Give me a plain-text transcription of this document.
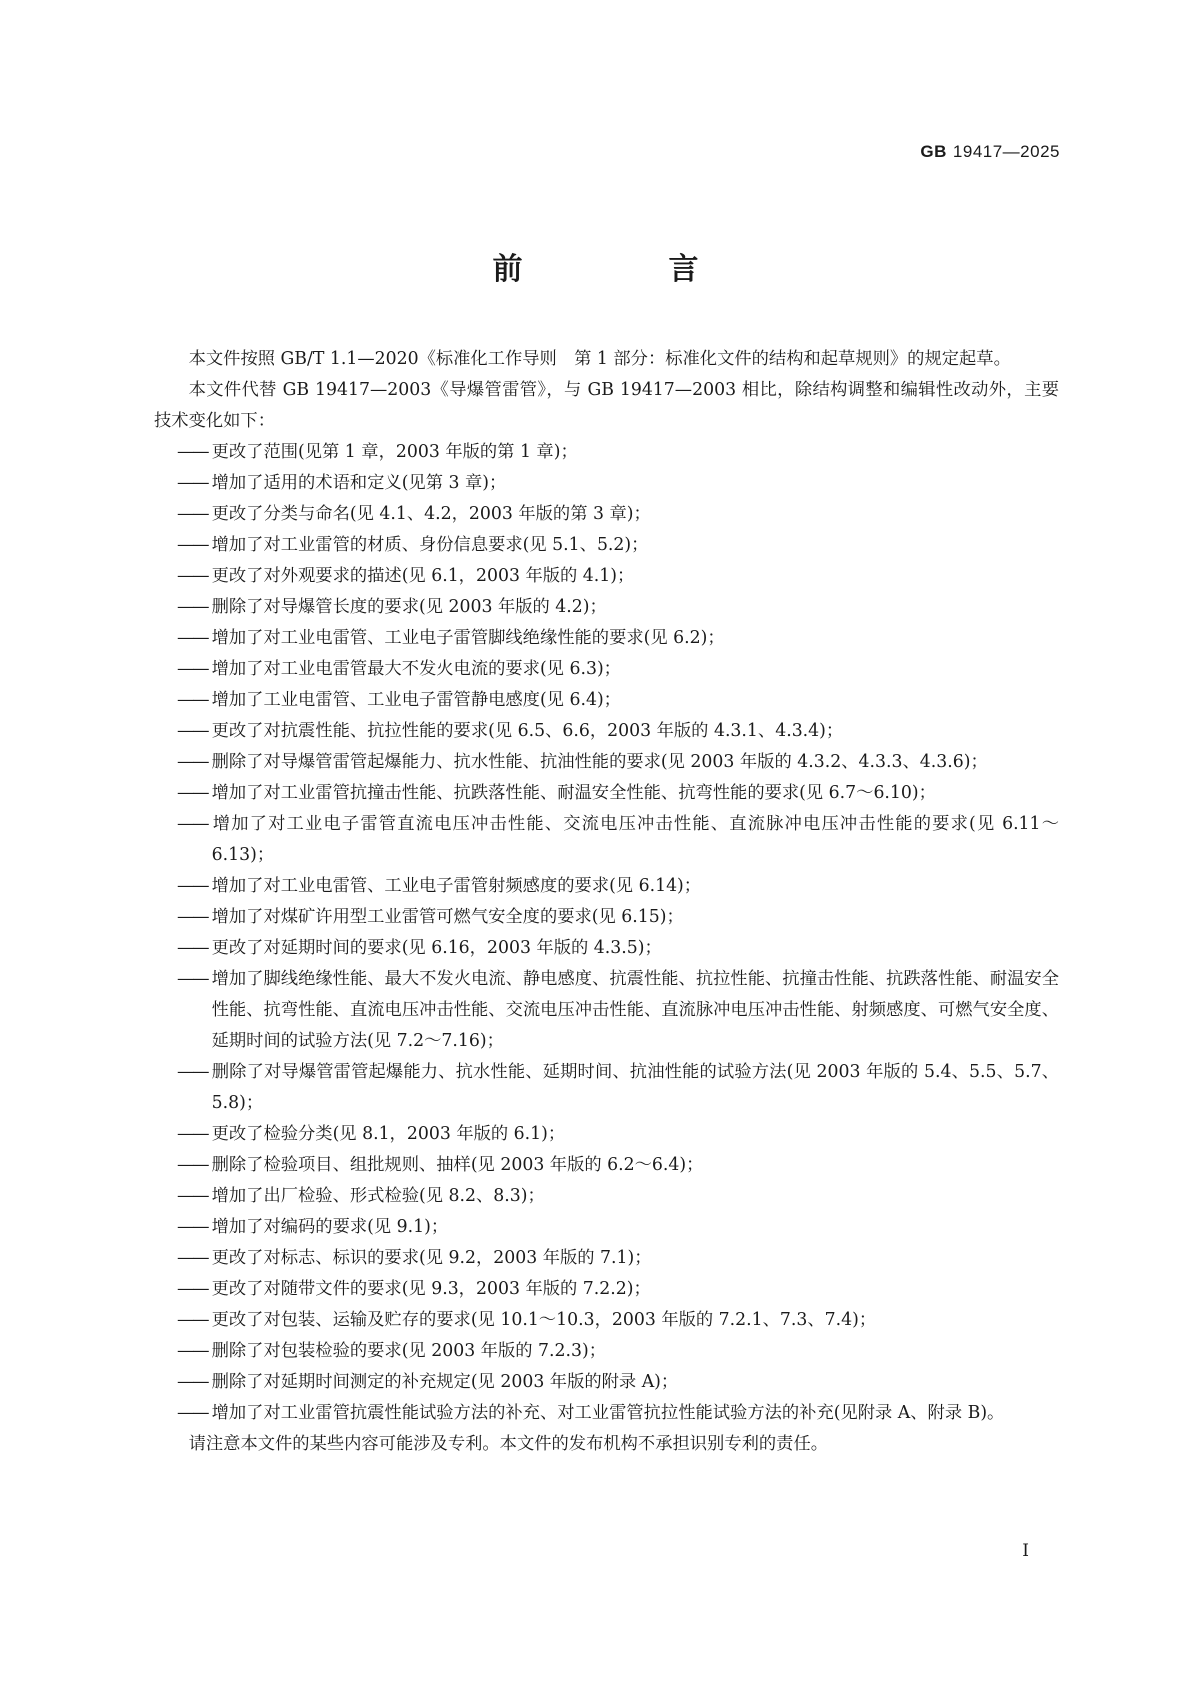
GB 19417—2025

前　言

本文件按照 GB/T 1.1—2020《标准化工作导则　第 1 部分：标准化文件的结构和起草规则》的规定起草。

本文件代替 GB 19417—2003《导爆管雷管》，与 GB 19417—2003 相比，除结构调整和编辑性改动外，主要技术变化如下：

—— 更改了范围(见第 1 章，2003 年版的第 1 章)；
—— 增加了适用的术语和定义(见第 3 章)；
—— 更改了分类与命名(见 4.1、4.2，2003 年版的第 3 章)；
—— 增加了对工业雷管的材质、身份信息要求(见 5.1、5.2)；
—— 更改了对外观要求的描述(见 6.1，2003 年版的 4.1)；
—— 删除了对导爆管长度的要求(见 2003 年版的 4.2)；
—— 增加了对工业电雷管、工业电子雷管脚线绝缘性能的要求(见 6.2)；
—— 增加了对工业电雷管最大不发火电流的要求(见 6.3)；
—— 增加了工业电雷管、工业电子雷管静电感度(见 6.4)；
—— 更改了对抗震性能、抗拉性能的要求(见 6.5、6.6，2003 年版的 4.3.1、4.3.4)；
—— 删除了对导爆管雷管起爆能力、抗水性能、抗油性能的要求(见 2003 年版的 4.3.2、4.3.3、4.3.6)；
—— 增加了对工业雷管抗撞击性能、抗跌落性能、耐温安全性能、抗弯性能的要求(见 6.7～6.10)；
—— 增加了对工业电子雷管直流电压冲击性能、交流电压冲击性能、直流脉冲电压冲击性能的要求(见 6.11～6.13)；
—— 增加了对工业电雷管、工业电子雷管射频感度的要求(见 6.14)；
—— 增加了对煤矿许用型工业雷管可燃气安全度的要求(见 6.15)；
—— 更改了对延期时间的要求(见 6.16，2003 年版的 4.3.5)；
—— 增加了脚线绝缘性能、最大不发火电流、静电感度、抗震性能、抗拉性能、抗撞击性能、抗跌落性能、耐温安全性能、抗弯性能、直流电压冲击性能、交流电压冲击性能、直流脉冲电压冲击性能、射频感度、可燃气安全度、延期时间的试验方法(见 7.2～7.16)；
—— 删除了对导爆管雷管起爆能力、抗水性能、延期时间、抗油性能的试验方法(见 2003 年版的 5.4、5.5、5.7、5.8)；
—— 更改了检验分类(见 8.1，2003 年版的 6.1)；
—— 删除了检验项目、组批规则、抽样(见 2003 年版的 6.2～6.4)；
—— 增加了出厂检验、形式检验(见 8.2、8.3)；
—— 增加了对编码的要求(见 9.1)；
—— 更改了对标志、标识的要求(见 9.2，2003 年版的 7.1)；
—— 更改了对随带文件的要求(见 9.3，2003 年版的 7.2.2)；
—— 更改了对包装、运输及贮存的要求(见 10.1～10.3，2003 年版的 7.2.1、7.3、7.4)；
—— 删除了对包装检验的要求(见 2003 年版的 7.2.3)；
—— 删除了对延期时间测定的补充规定(见 2003 年版的附录 A)；
—— 增加了对工业雷管抗震性能试验方法的补充、对工业雷管抗拉性能试验方法的补充(见附录 A、附录 B)。

请注意本文件的某些内容可能涉及专利。本文件的发布机构不承担识别专利的责任。

I
